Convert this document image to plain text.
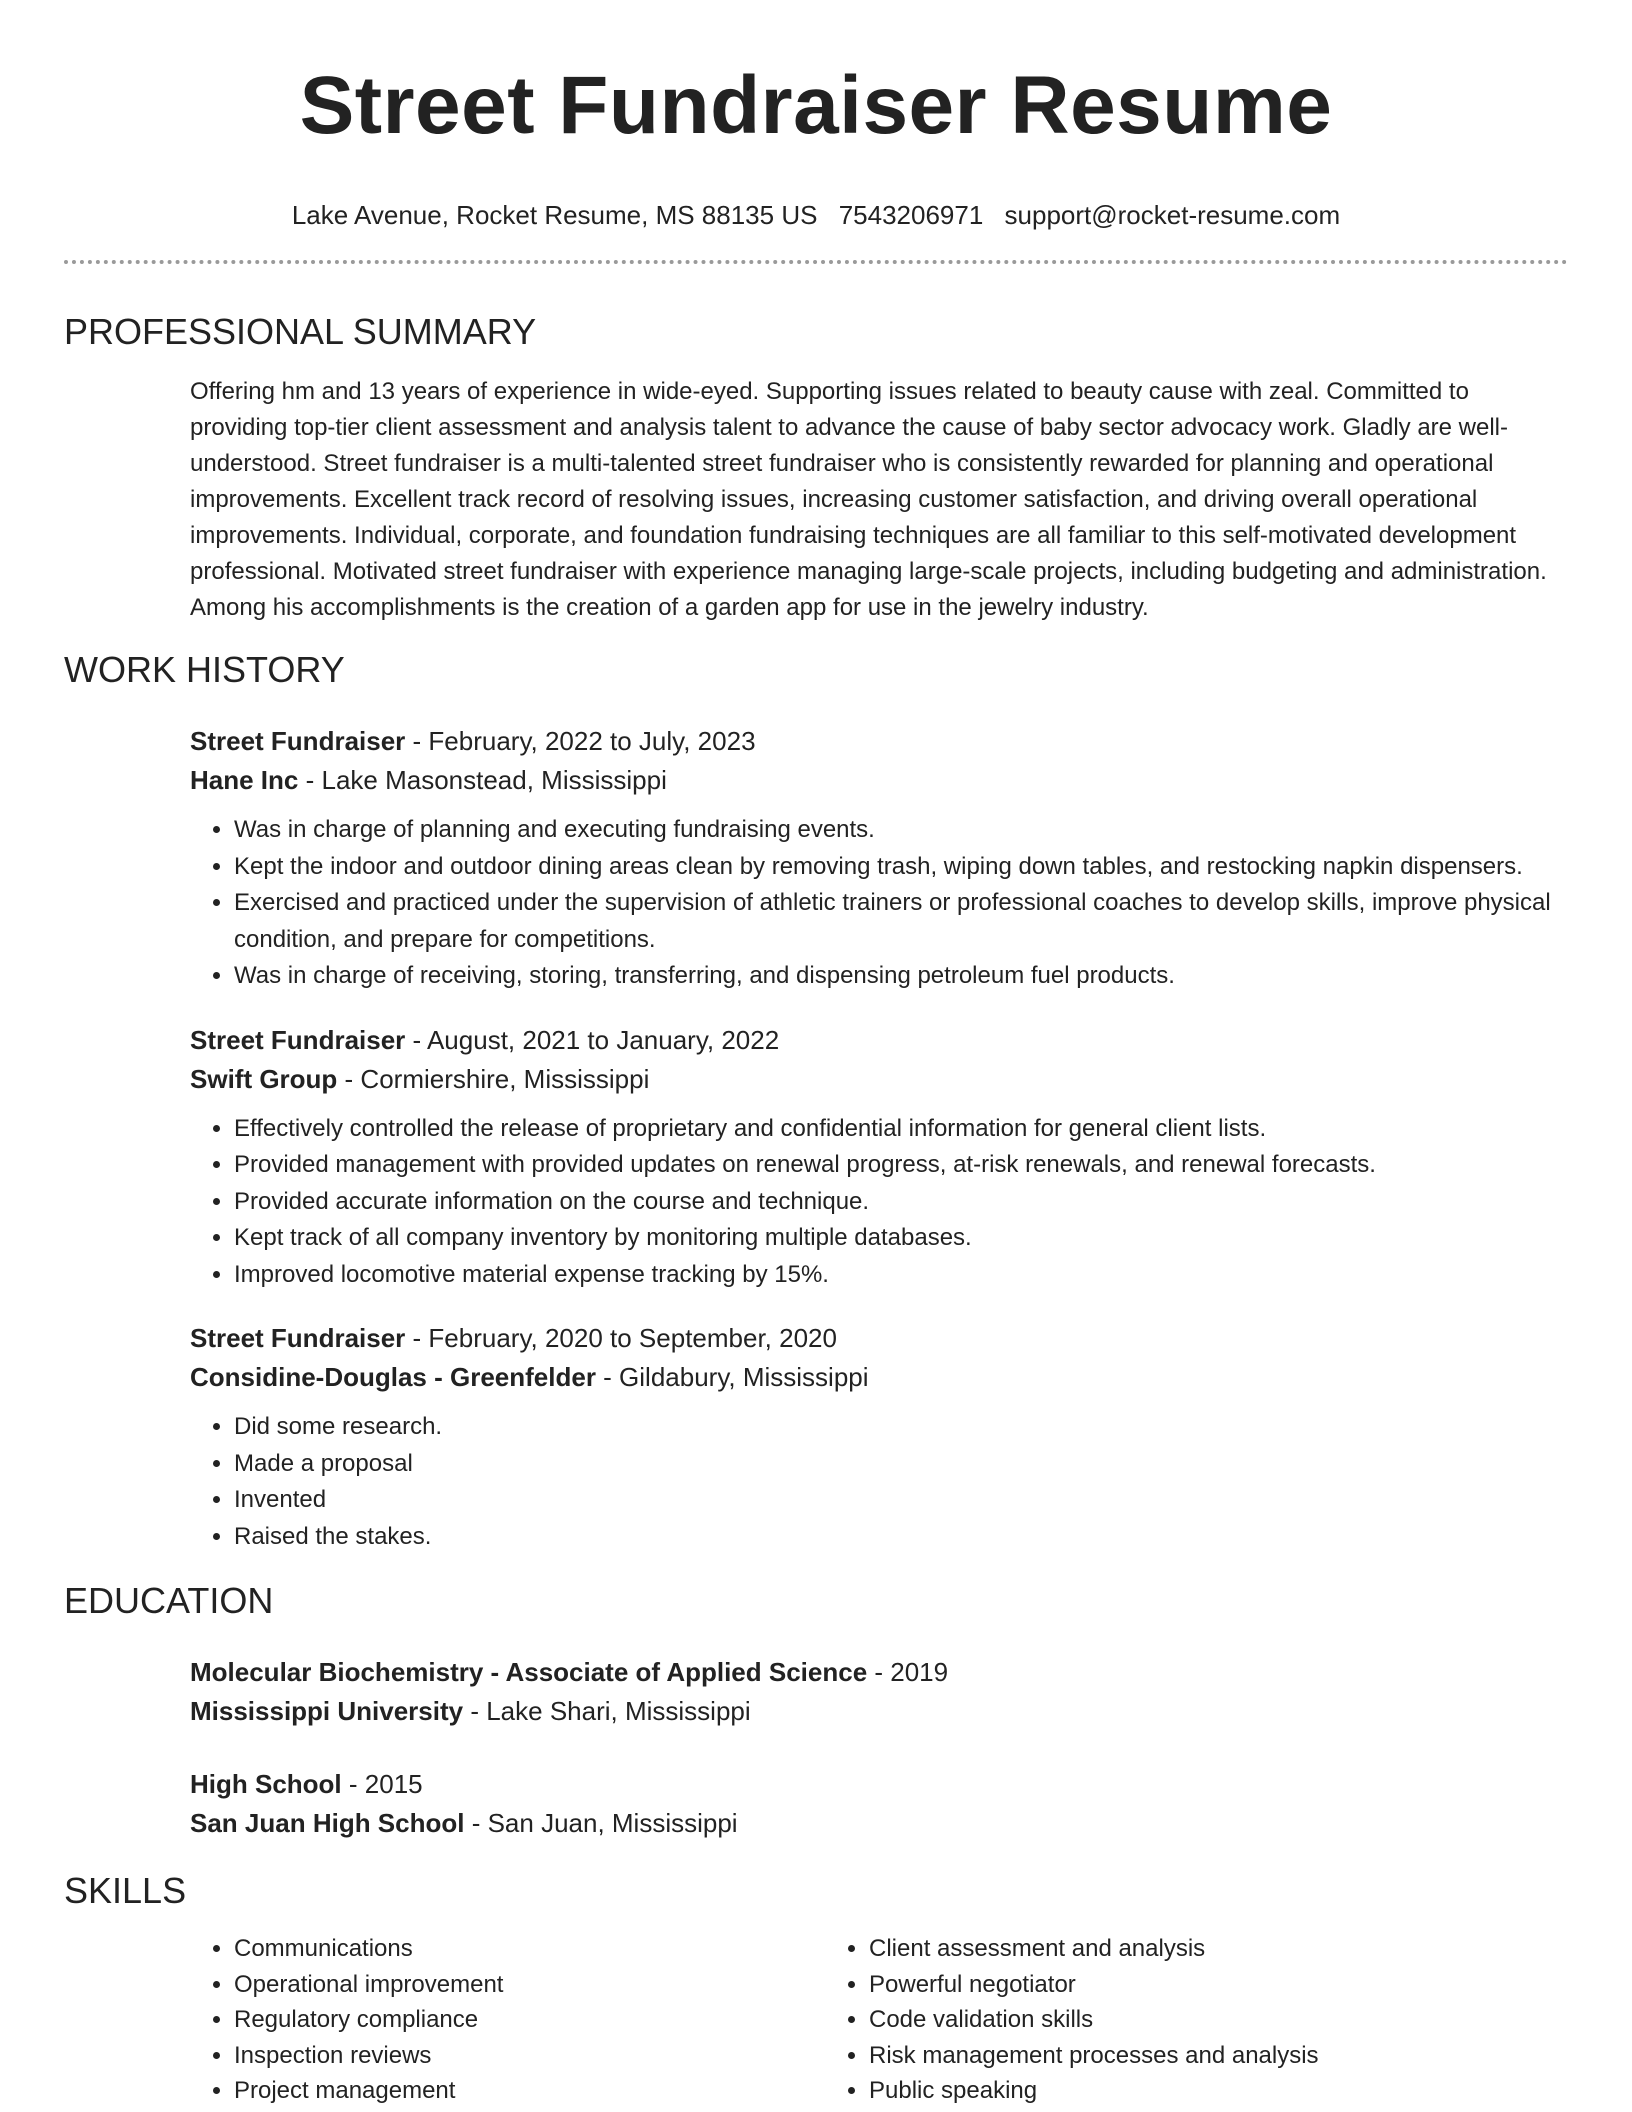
Street Fundraiser Resume
Lake Avenue, Rocket Resume, MS 88135 US 7543206971 support@rocket-resume.com
PROFESSIONAL SUMMARY

Offering hm and 13 years of experience in wide-eyed. Supporting issues related to beauty cause with zeal. Committed to providing top-tier client assessment and analysis talent to advance the cause of baby sector advocacy work. Gladly are well-understood. Street fundraiser is a multi-talented street fundraiser who is consistently rewarded for planning and operational improvements. Excellent track record of resolving issues, increasing customer satisfaction, and driving overall operational improvements. Individual, corporate, and foundation fundraising techniques are all familiar to this self-motivated development professional. Motivated street fundraiser with experience managing large-scale projects, including budgeting and administration. Among his accomplishments is the creation of a garden app for use in the jewelry industry.

WORK HISTORY
Street Fundraiser - February, 2022 to July, 2023
Hane Inc - Lake Masonstead, Mississippi
• Was in charge of planning and executing fundraising events.
• Kept the indoor and outdoor dining areas clean by removing trash, wiping down tables, and restocking napkin dispensers.
• Exercised and practiced under the supervision of athletic trainers or professional coaches to develop skills, improve physical condition, and prepare for competitions.
• Was in charge of receiving, storing, transferring, and dispensing petroleum fuel products.
Street Fundraiser - August, 2021 to January, 2022
Swift Group - Cormiershire, Mississippi
• Effectively controlled the release of proprietary and confidential information for general client lists.
• Provided management with provided updates on renewal progress, at-risk renewals, and renewal forecasts.
• Provided accurate information on the course and technique.
• Kept track of all company inventory by monitoring multiple databases.
• Improved locomotive material expense tracking by 15%.
Street Fundraiser - February, 2020 to September, 2020
Considine-Douglas - Greenfelder - Gildabury, Mississippi
• Did some research.
• Made a proposal
• Invented
• Raised the stakes.
EDUCATION
Molecular Biochemistry - Associate of Applied Science - 2019
Mississippi University - Lake Shari, Mississippi
High School - 2015
San Juan High School - San Juan, Mississippi
SKILLS
• Communications
• Operational improvement
• Regulatory compliance
• Inspection reviews
• Project management
• Client assessment and analysis
• Powerful negotiator
• Code validation skills
• Risk management processes and analysis
• Public speaking
